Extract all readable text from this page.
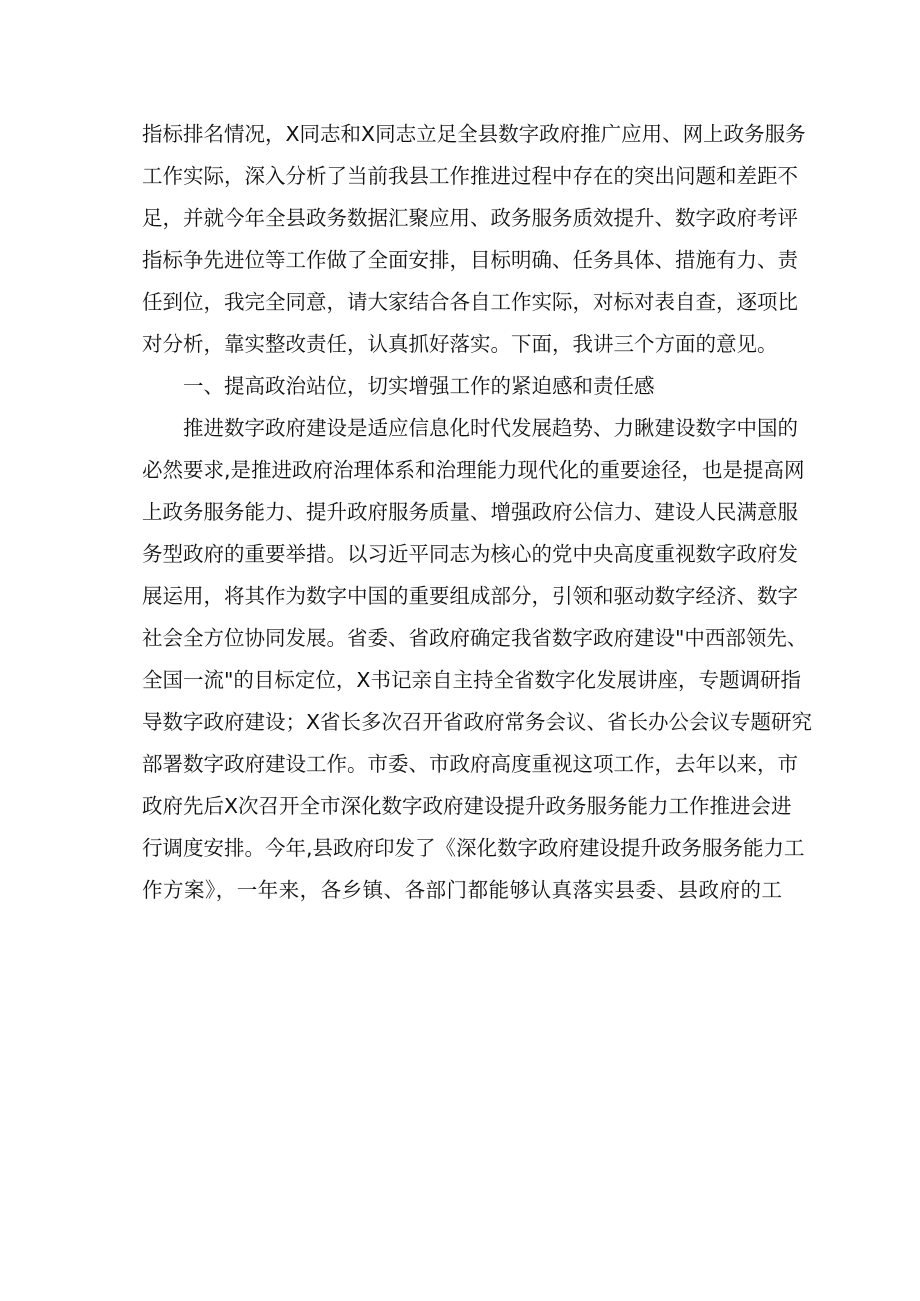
指标排名情况，X同志和X同志立足全县数字政府推广应用、网上政务服务

工作实际，深入分析了当前我县工作推进过程中存在的突出问题和差距不

足，并就今年全县政务数据汇聚应用、政务服务质效提升、数字政府考评

指标争先进位等工作做了全面安排，目标明确、任务具体、措施有力、责

任到位，我完全同意，请大家结合各自工作实际，对标对表自查，逐项比

对分析，靠实整改责任，认真抓好落实。下面，我讲三个方面的意见。

一、提高政治站位，切实增强工作的紧迫感和责任感

推进数字政府建设是适应信息化时代发展趋势、力瞅建设数字中国的

必然要求,是推进政府治理体系和治理能力现代化的重要途径，也是提高网

上政务服务能力、提升政府服务质量、增强政府公信力、建设人民满意服

务型政府的重要举措。以习近平同志为核心的党中央高度重视数字政府发

展运用，将其作为数字中国的重要组成部分，引领和驱动数字经济、数字

社会全方位协同发展。省委、省政府确定我省数字政府建设"中西部领先、

全国一流"的目标定位，X书记亲自主持全省数字化发展讲座，专题调研指

导数字政府建设；X省长多次召开省政府常务会议、省长办公会议专题研究

部署数字政府建设工作。市委、市政府高度重视这项工作，去年以来，市

政府先后X次召开全市深化数字政府建设提升政务服务能力工作推进会进

行调度安排。今年,县政府印发了《深化数字政府建设提升政务服务能力工

作方案》，一年来，各乡镇、各部门都能够认真落实县委、县政府的工
